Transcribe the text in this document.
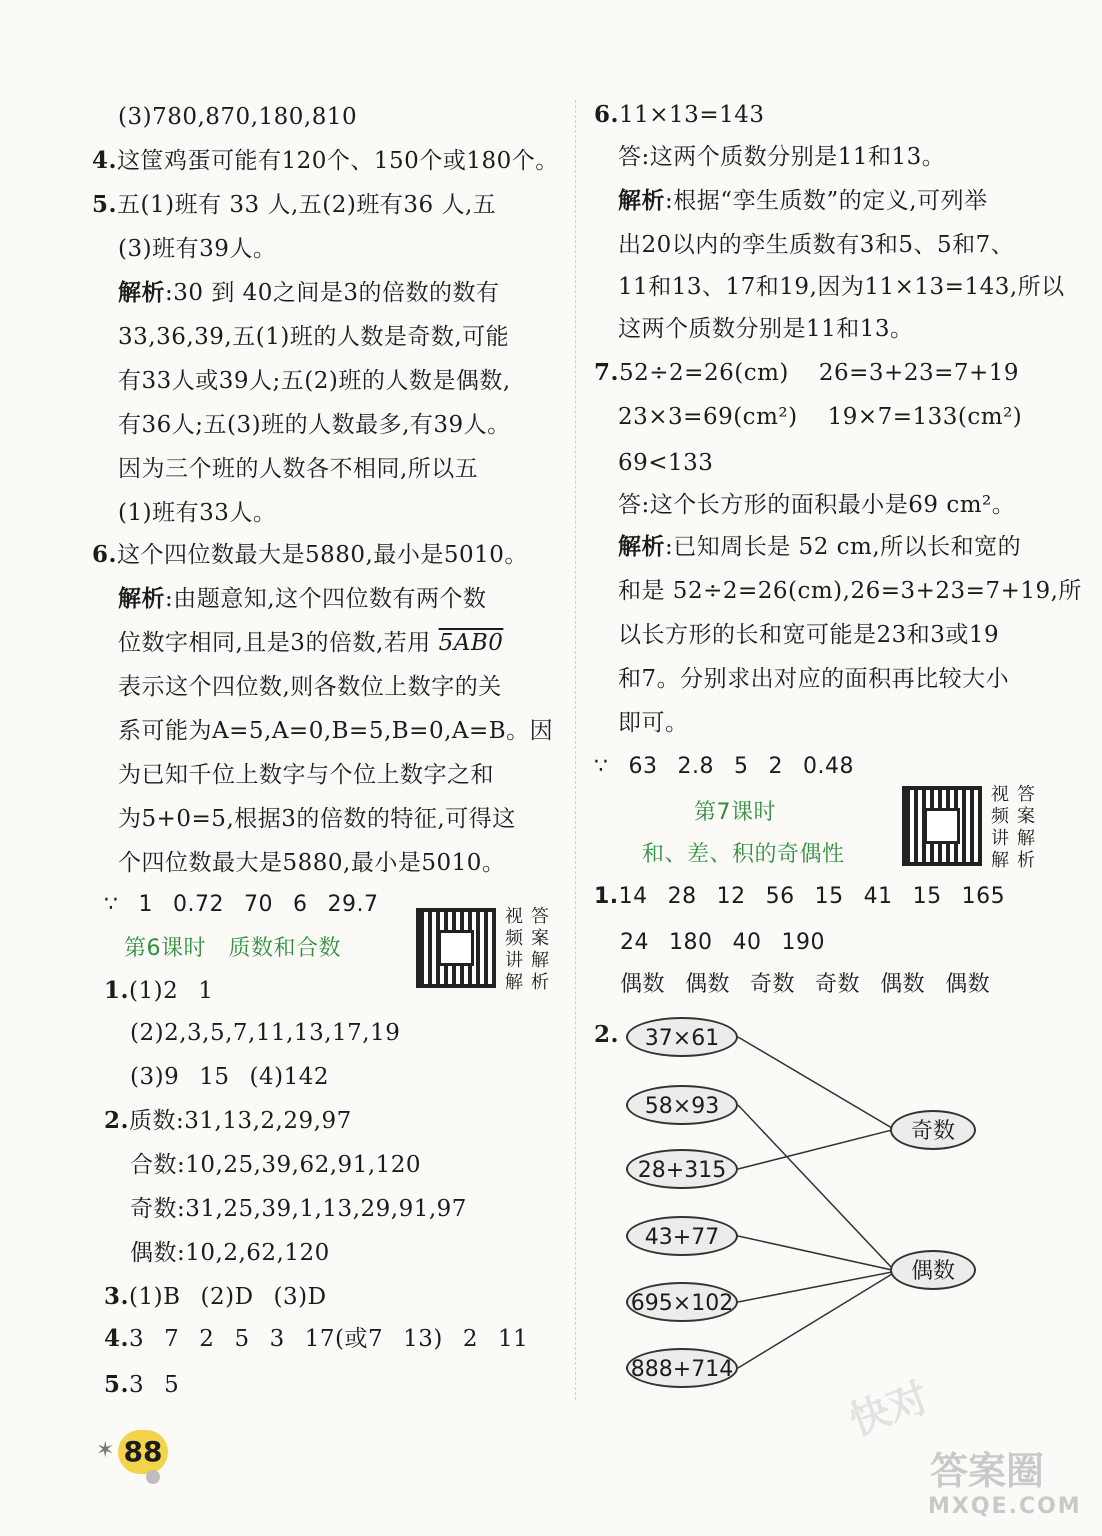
(3)780,870,180,810
4.这筐鸡蛋可能有120个、150个或180个。
5.五(1)班有 33 人,五(2)班有36 人,五
(3)班有39人。
解析:30 到 40之间是3的倍数的数有
33,36,39,五(1)班的人数是奇数,可能
有33人或39人;五(2)班的人数是偶数,
有36人;五(3)班的人数最多,有39人。
因为三个班的人数各不相同,所以五
(1)班有33人。
6.这个四位数最大是5880,最小是5010。
解析:由题意知,这个四位数有两个数
位数字相同,且是3的倍数,若用 5AB0
表示这个四位数,则各数位上数字的关
系可能为A=5,A=0,B=5,B=0,A=B。因
为已知千位上数字与个位上数字之和
为5+0=5,根据3的倍数的特征,可得这
个四位数最大是5880,最小是5010。
∵ 1 0.72 70 6 29.7
第6课时 质数和合数
答案解析
视频讲解
1.(1)2 1
(2)2,3,5,7,11,13,17,19
(3)9 15 (4)142
2.质数:31,13,2,29,97
合数:10,25,39,62,91,120
奇数:31,25,39,1,13,29,91,97
偶数:10,2,62,120
3.(1)B (2)D (3)D
4.3 7 2 5 3 17(或7 13) 2 11
5.3 5
6.11×13=143
答:这两个质数分别是11和13。
解析:根据“孪生质数”的定义,可列举
出20以内的孪生质数有3和5、5和7、
11和13、17和19,因为11×13=143,所以
这两个质数分别是11和13。
7.52÷2=26(cm) 26=3+23=7+19
23×3=69(cm²) 19×7=133(cm²)
69<133
答:这个长方形的面积最小是69 cm²。
解析:已知周长是 52 cm,所以长和宽的
和是 52÷2=26(cm),26=3+23=7+19,所
以长方形的长和宽可能是23和3或19
和7。分别求出对应的面积再比较大小
即可。
∵ 63 2.8 5 2 0.48
第7课时
和、差、积的奇偶性
答案解析
视频讲解
1.14 28 12 56 15 41 15 165
24 180 40 190
偶数 偶数 奇数 奇数 偶数 偶数
2.	37×61
58×93
28+315
43+77
695×102
888+714
奇数
偶数
✶ 88
快对
答案圈
MXQE.COM
